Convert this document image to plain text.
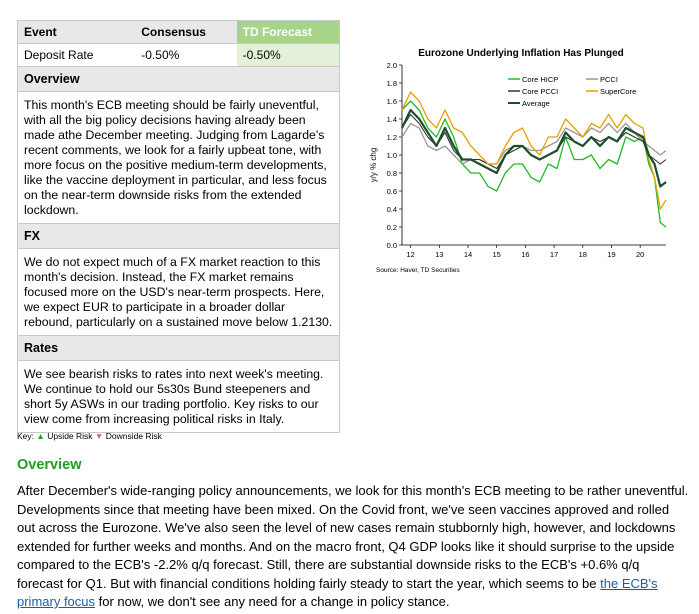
Event	Consensus	TD Forecast
Deposit Rate	-0.50%	-0.50%
Overview
This month's ECB meeting should be fairly uneventful, with all the big policy decisions having already been made athe December meeting. Judging from Lagarde's recent comments, we look for a fairly upbeat tone, with more focus on the positive medium-term developments, like the vaccine deployment in particular, and less focus on the near-term downside risks from the extended lockdown.
FX
We do not expect much of a FX market reaction to this month's decision. Instead, the FX market remains focused more on the USD's near-term prospects. Here, we expect EUR to participate in a broader dollar rebound, particularly on a sustained move below 1.2130.
Rates
We see bearish risks to rates into next week's meeting. We continue to hold our 5s30s Bund steepeners and short 5y ASWs in our trading portfolio. Key risks to our view come from increasing political risks in Italy.
Key: ▲ Upside Risk ▼ Downside Risk
Eurozone Underlying Inflation Has Plunged
y/y % chg
0.0
0.2
0.4
0.6
0.8
1.0
1.2
1.4
1.6
1.8
2.0
12	13	14	15	16	17	18	19	20
Core HICP	PCCI
Core PCCI	SuperCore
Average
Source: Haver, TD Securities
Overview
After December's wide-ranging policy announcements, we look for this month's ECB meeting to be rather uneventful. Developments since that meeting have been mixed. On the Covid front, we've seen vaccines approved and rolled out across the Eurozone. We've also seen the level of new cases remain stubbornly high, however, and lockdowns extended for further weeks and months. And on the macro front, Q4 GDP looks like it should surprise to the upside compared to the ECB's -2.2% q/q forecast. Still, there are substantial downside risks to the ECB's +0.6% q/q forecast for Q1. But with financial conditions holding fairly steady to start the year, which seems to be the ECB's primary focus for now, we don't see any need for a change in policy stance.
